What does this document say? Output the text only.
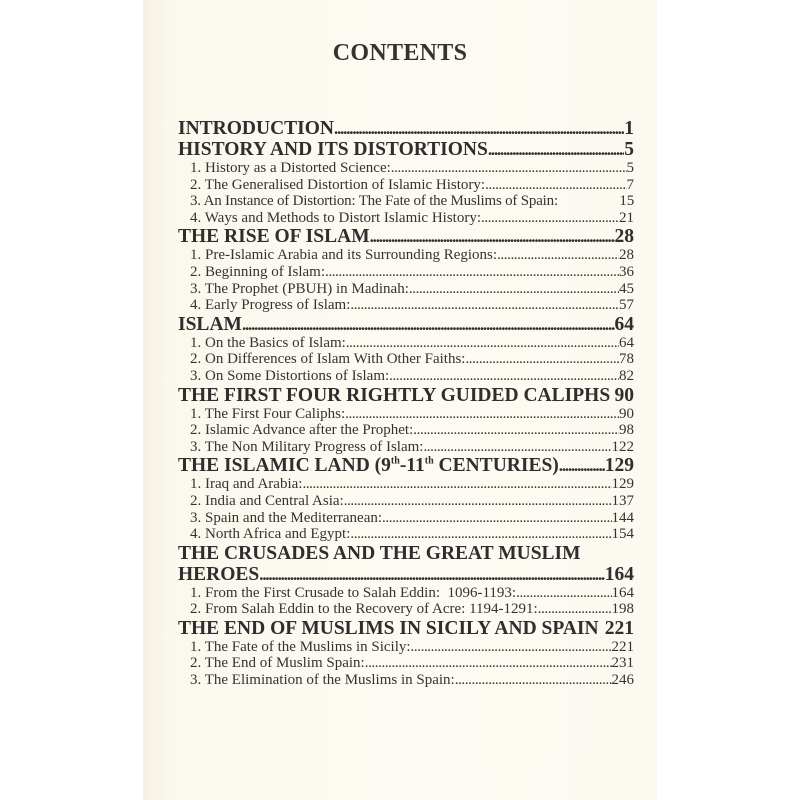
CONTENTS
INTRODUCTION .....	1
HISTORY AND ITS DISTORTIONS .....	5
1. History as a Distorted Science: .....	5
2. The Generalised Distortion of Islamic History: .....	7
3. An Instance of Distortion: The Fate of the Muslims of Spain:	15
4. Ways and Methods to Distort Islamic History: .....	21
THE RISE OF ISLAM .....	28
1. Pre-Islamic Arabia and its Surrounding Regions: .....	28
2. Beginning of Islam: .....	36
3. The Prophet (PBUH) in Madinah: .....	45
4. Early Progress of Islam: .....	57
ISLAM .....	64
1. On the Basics of Islam: .....	64
2. On Differences of Islam With Other Faiths: .....	78
3. On Some Distortions of Islam: .....	82
THE FIRST FOUR RIGHTLY GUIDED CALIPHS 90
1. The First Four Caliphs: .....	90
2. Islamic Advance after the Prophet: .....	98
3. The Non Military Progress of Islam: .....	122
THE ISLAMIC LAND (9th-11th CENTURIES) ..... 129
1. Iraq and Arabia: .....	129
2. India and Central Asia: .....	137
3. Spain and the Mediterranean: .....	144
4. North Africa and Egypt: .....	154
THE CRUSADES AND THE GREAT MUSLIM
HEROES .....	164
1. From the First Crusade to Salah Eddin:  1096-1193: .....	164
2. From Salah Eddin to the Recovery of Acre: 1194-1291: .....	198
THE END OF MUSLIMS IN SICILY AND SPAIN 221
1. The Fate of the Muslims in Sicily: .....	221
2. The End of Muslim Spain: .....	231
3. The Elimination of the Muslims in Spain: .....	246
